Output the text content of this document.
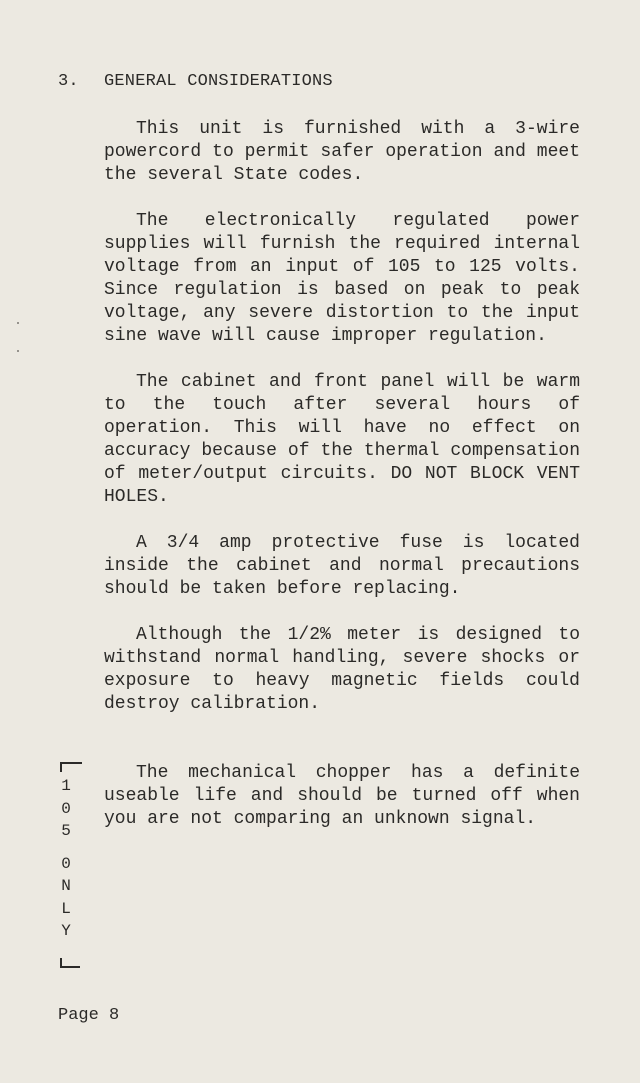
3. GENERAL CONSIDERATIONS

This unit is furnished with a 3-wire powercord to permit safer operation and meet the several State codes.

The electronically regulated power supplies will furnish the required internal voltage from an input of 105 to 125 volts. Since regulation is based on peak to peak voltage, any severe distortion to the input sine wave will cause improper regulation.

The cabinet and front panel will be warm to the touch after several hours of operation. This will have no effect on accuracy because of the thermal compensation of meter/output circuits. DO NOT BLOCK VENT HOLES.

A 3/4 amp protective fuse is located inside the cabinet and normal precautions should be taken before replacing.

Although the 1/2% meter is designed to withstand normal handling, severe shocks or exposure to heavy magnetic fields could destroy calibration.

The mechanical chopper has a definite useable life and should be turned off when you are not comparing an unknown signal.

1
0
5
0
N
L
Y
Page 8
